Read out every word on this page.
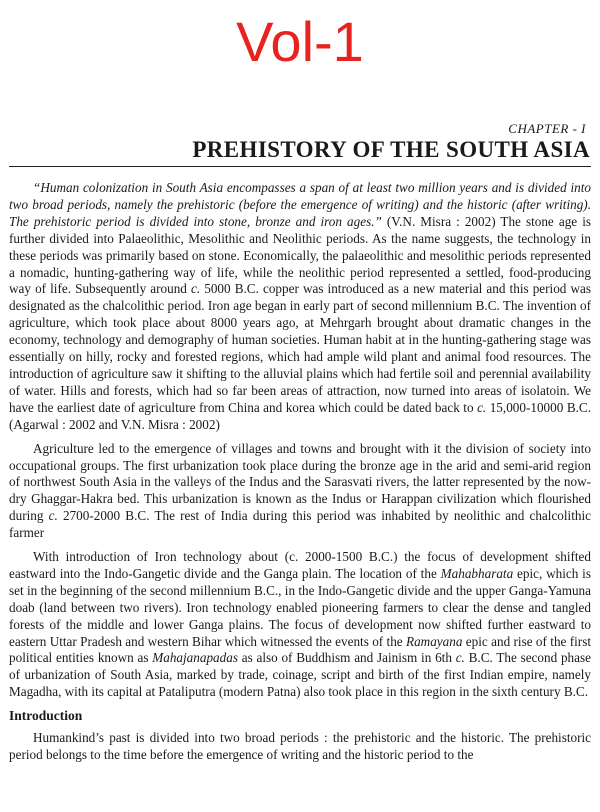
Vol-1
CHAPTER - I
PREHISTORY OF THE SOUTH ASIA

“Human colonization in South Asia encompasses a span of at least two million years and is divided into two broad periods, namely the prehistoric (before the emergence of writing) and the historic (after writing). The prehistoric period is divided into stone, bronze and iron ages.” (V.N. Misra : 2002) The stone age is further divided into Palaeolithic, Mesolithic and Neolithic periods. As the name suggests, the technology in these periods was primarily based on stone. Economically, the palaeolithic and mesolithic periods represented a nomadic, hunting-gathering way of life, while the neolithic period represented a settled, food-producing way of life. Subsequently around c. 5000 B.C. copper was introduced as a new material and this period was designated as the chalcolithic period. Iron age began in early part of second millennium B.C. The invention of agriculture, which took place about 8000 years ago, at Mehrgarh brought about dramatic changes in the economy, technology and demography of human societies. Human habit at in the hunting-gathering stage was essentially on hilly, rocky and forested regions, which had ample wild plant and animal food resources. The introduction of agriculture saw it shifting to the alluvial plains which had fertile soil and perennial availability of water. Hills and forests, which had so far been areas of attraction, now turned into areas of isolatoin. We have the earliest date of agriculture from China and korea which could be dated back to c. 15,000-10000 B.C. (Agarwal : 2002 and V.N. Misra : 2002)

Agriculture led to the emergence of villages and towns and brought with it the division of society into occupational groups. The first urbanization took place during the bronze age in the arid and semi-arid region of northwest South Asia in the valleys of the Indus and the Sarasvati rivers, the latter represented by the now-dry Ghaggar-Hakra bed. This urbanization is known as the Indus or Harappan civilization which flourished during c. 2700-2000 B.C. The rest of India during this period was inhabited by neolithic and chalcolithic farmer

With introduction of Iron technology about (c. 2000-1500 B.C.) the focus of development shifted eastward into the Indo-Gangetic divide and the Ganga plain. The location of the Mahabharata epic, which is set in the beginning of the second millennium B.C., in the Indo-Gangetic divide and the upper Ganga-Yamuna doab (land between two rivers). Iron technology enabled pioneering farmers to clear the dense and tangled forests of the middle and lower Ganga plains. The focus of development now shifted further eastward to eastern Uttar Pradesh and western Bihar which witnessed the events of the Ramayana epic and rise of the first political entities known as Mahajanapadas as also of Buddhism and Jainism in 6th c. B.C. The second phase of urbanization of South Asia, marked by trade, coinage, script and birth of the first Indian empire, namely Magadha, with its capital at Pataliputra (modern Patna) also took place in this region in the sixth century B.C.

Introduction

Humankind’s past is divided into two broad periods : the prehistoric and the historic. The prehistoric period belongs to the time before the emergence of writing and the historic period to the
